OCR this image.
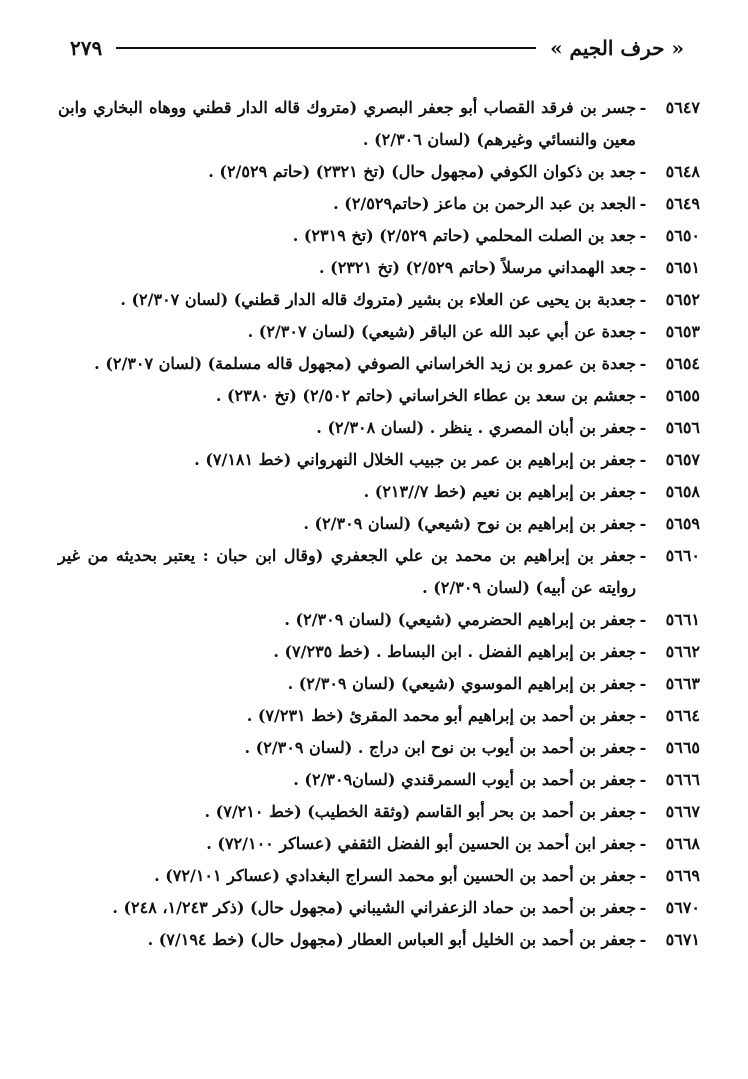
« حرف الجيم »
٢٧٩
٥٦٤٧
-
جسر بن فرقد القصاب أبو جعفر البصري (متروك قاله الدار قطني ووهاه البخاري وابن معين والنسائي وغيرهم) (لسان ٢/٣٠٦) .
٥٦٤٨
-
جعد بن ذكوان الكوفي (مجهول حال) (تخ ٢٣٢١) (حاتم ٢/٥٢٩) .
٥٦٤٩
-
الجعد بن عبد الرحمن بن ماعز (حاتم٢/٥٢٩) .
٥٦٥٠
-
جعد بن الصلت المحلمي (حاتم ٢/٥٢٩) (تخ ٢٣١٩) .
٥٦٥١
-
جعد الهمداني مرسلاً (حاتم ٢/٥٢٩) (تخ ٢٣٢١) .
٥٦٥٢
-
جعدبة بن يحيى عن العلاء بن بشير (متروك قاله الدار قطني) (لسان ٢/٣٠٧) .
٥٦٥٣
-
جعدة عن أبي عبد الله عن الباقر (شيعي) (لسان ٢/٣٠٧) .
٥٦٥٤
-
جعدة بن عمرو بن زيد الخراساني الصوفي (مجهول قاله مسلمة) (لسان ٢/٣٠٧) .
٥٦٥٥
-
جعشم بن سعد بن عطاء الخراساني (حاتم ٢/٥٠٢) (تخ ٢٣٨٠) .
٥٦٥٦
-
جعفر بن أبان المصري . ينظر . (لسان ٢/٣٠٨) .
٥٦٥٧
-
جعفر بن إبراهيم بن عمر بن جبيب الخلال النهرواني (خط ٧/١٨١) .
٥٦٥٨
-
جعفر بن إبراهيم بن نعيم (خط ٧//٢١٣) .
٥٦٥٩
-
جعفر بن إبراهيم بن نوح (شيعي) (لسان ٢/٣٠٩) .
٥٦٦٠
-
جعفر بن إبراهيم بن محمد بن علي الجعفري (وقال ابن حبان : يعتبر بحديثه من غير روايته عن أبيه) (لسان ٢/٣٠٩) .
٥٦٦١
-
جعفر بن إبراهيم الحضرمي (شيعي) (لسان ٢/٣٠٩) .
٥٦٦٢
-
جعفر بن إبراهيم الفضل . ابن البساط . (خط ٧/٢٣٥) .
٥٦٦٣
-
جعفر بن إبراهيم الموسوي (شيعي) (لسان ٢/٣٠٩) .
٥٦٦٤
-
جعفر بن أحمد بن إبراهيم أبو محمد المقرئ (خط ٧/٢٣١) .
٥٦٦٥
-
جعفر بن أحمد بن أيوب بن نوح ابن دراج . (لسان ٢/٣٠٩) .
٥٦٦٦
-
جعفر بن أحمد بن أيوب السمرقندي (لسان٢/٣٠٩) .
٥٦٦٧
-
جعفر بن أحمد بن بحر أبو القاسم (وثقة الخطيب) (خط ٧/٢١٠) .
٥٦٦٨
-
جعفر ابن أحمد بن الحسين أبو الفضل الثقفي (عساكر ٧٢/١٠٠) .
٥٦٦٩
-
جعفر بن أحمد بن الحسين أبو محمد السراج البغدادي (عساكر ٧٢/١٠١) .
٥٦٧٠
-
جعفر بن أحمد بن حماد الزعفراني الشيباني (مجهول حال) (ذكر ١/٢٤٣، ٢٤٨) .
٥٦٧١
-
جعفر بن أحمد بن الخليل أبو العباس العطار (مجهول حال) (خط ٧/١٩٤) .
